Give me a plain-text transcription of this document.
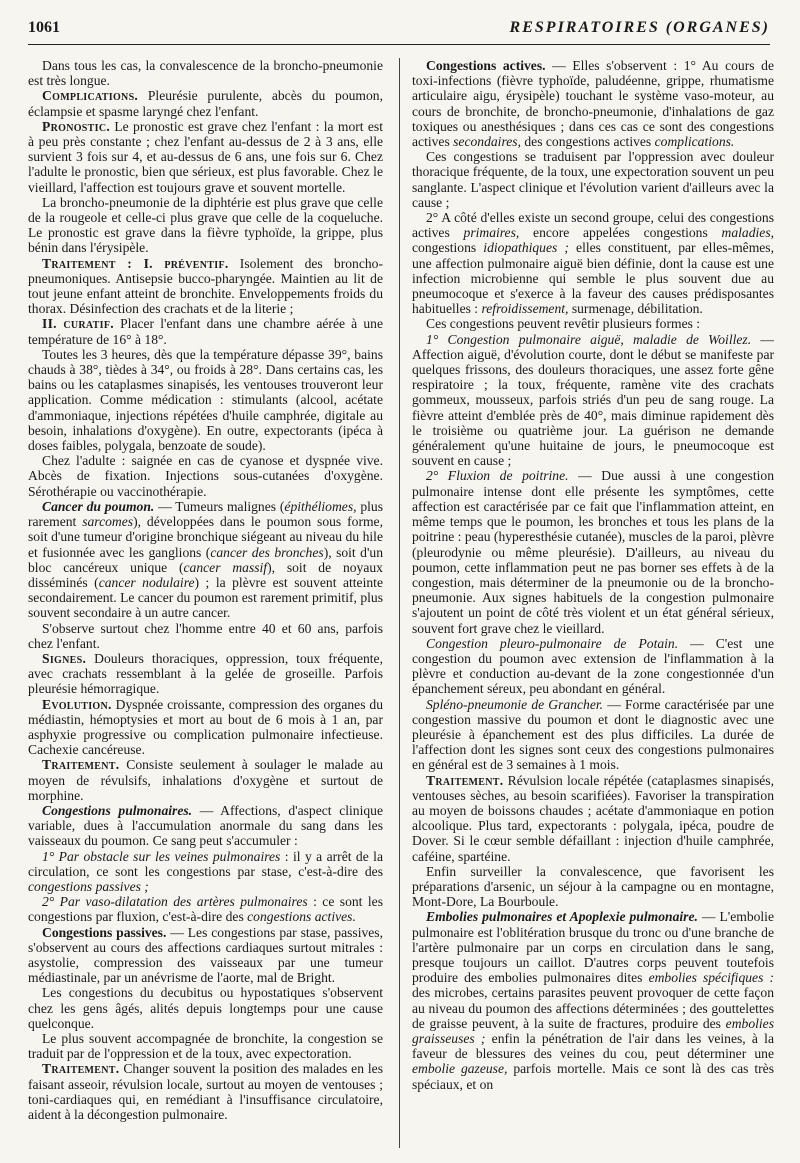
1061	RESPIRATOIRES (ORGANES)

Dans tous les cas, la convalescence de la broncho-pneumonie est très longue.

Complications. Pleurésie purulente, abcès du poumon, éclampsie et spasme laryngé chez l'enfant.

Pronostic. Le pronostic est grave chez l'enfant : la mort est à peu près constante ; chez l'enfant au-dessus de 2 à 3 ans, elle survient 3 fois sur 4, et au-dessus de 6 ans, une fois sur 6. Chez l'adulte le pronostic, bien que sérieux, est plus favorable. Chez le vieillard, l'affection est toujours grave et souvent mortelle.

La broncho-pneumonie de la diphtérie est plus grave que celle de la rougeole et celle-ci plus grave que celle de la coqueluche. Le pronostic est grave dans la fièvre typhoïde, la grippe, plus bénin dans l'érysipèle.

Traitement : I. préventif. Isolement des broncho-pneumoniques. Antisepsie bucco-pharyngée. Maintien au lit de tout jeune enfant atteint de bronchite. Enveloppements froids du thorax. Désinfection des crachats et de la literie ;

II. curatif. Placer l'enfant dans une chambre aérée à une température de 16° à 18°.

Toutes les 3 heures, dès que la température dépasse 39°, bains chauds à 38°, tièdes à 34°, ou froids à 28°. Dans certains cas, les bains ou les cataplasmes sinapisés, les ventouses trouveront leur application. Comme médication : stimulants (alcool, acétate d'ammoniaque, injections répétées d'huile camphrée, digitale au besoin, inhalations d'oxygène). En outre, expectorants (ipéca à doses faibles, polygala, benzoate de soude).

Chez l'adulte : saignée en cas de cyanose et dyspnée vive. Abcès de fixation. Injections sous-cutanées d'oxygène. Sérothérapie ou vaccinothérapie.

Cancer du poumon. — Tumeurs malignes (épithéliomes, plus rarement sarcomes), développées dans le poumon sous forme, soit d'une tumeur d'origine bronchique siégeant au niveau du hile et fusionnée avec les ganglions (cancer des bronches), soit d'un bloc cancéreux unique (cancer massif), soit de noyaux disséminés (cancer nodulaire) ; la plèvre est souvent atteinte secondairement. Le cancer du poumon est rarement primitif, plus souvent secondaire à un autre cancer.

S'observe surtout chez l'homme entre 40 et 60 ans, parfois chez l'enfant.

Signes. Douleurs thoraciques, oppression, toux fréquente, avec crachats ressemblant à la gelée de groseille. Parfois pleurésie hémorragique.

Evolution. Dyspnée croissante, compression des organes du médiastin, hémoptysies et mort au bout de 6 mois à 1 an, par asphyxie progressive ou complication pulmonaire infectieuse. Cachexie cancéreuse.

Traitement. Consiste seulement à soulager le malade au moyen de révulsifs, inhalations d'oxygène et surtout de morphine.

Congestions pulmonaires. — Affections, d'aspect clinique variable, dues à l'accumulation anormale du sang dans les vaisseaux du poumon. Ce sang peut s'accumuler :

1° Par obstacle sur les veines pulmonaires : il y a arrêt de la circulation, ce sont les congestions par stase, c'est-à-dire des congestions passives ;

2° Par vaso-dilatation des artères pulmonaires : ce sont les congestions par fluxion, c'est-à-dire des congestions actives.

Congestions passives. — Les congestions par stase, passives, s'observent au cours des affections cardiaques surtout mitrales : asystolie, compression des vaisseaux par une tumeur médiastinale, par un anévrisme de l'aorte, mal de Bright.

Les congestions du decubitus ou hypostatiques s'observent chez les gens âgés, alités depuis longtemps pour une cause quelconque.

Le plus souvent accompagnée de bronchite, la congestion se traduit par de l'oppression et de la toux, avec expectoration.

Traitement. Changer souvent la position des malades en les faisant asseoir, révulsion locale, surtout au moyen de ventouses ; toni-cardiaques qui, en remédiant à l'insuffisance circulatoire, aident à la décongestion pulmonaire.

Congestions actives. — Elles s'observent : 1° Au cours de toxi-infections (fièvre typhoïde, paludéenne, grippe, rhumatisme articulaire aigu, érysipèle) touchant le système vaso-moteur, au cours de bronchite, de broncho-pneumonie, d'inhalations de gaz toxiques ou anesthésiques ; dans ces cas ce sont des congestions actives secondaires, des congestions actives complications.

Ces congestions se traduisent par l'oppression avec douleur thoracique fréquente, de la toux, une expectoration souvent un peu sanglante. L'aspect clinique et l'évolution varient d'ailleurs avec la cause ;

2° A côté d'elles existe un second groupe, celui des congestions actives primaires, encore appelées congestions maladies, congestions idiopathiques ; elles constituent, par elles-mêmes, une affection pulmonaire aiguë bien définie, dont la cause est une infection microbienne qui semble le plus souvent due au pneumocoque et s'exerce à la faveur des causes prédisposantes habituelles : refroidissement, surmenage, débilitation.

Ces congestions peuvent revêtir plusieurs formes :

1° Congestion pulmonaire aiguë, maladie de Woillez. — Affection aiguë, d'évolution courte, dont le début se manifeste par quelques frissons, des douleurs thoraciques, une assez forte gêne respiratoire ; la toux, fréquente, ramène vite des crachats gommeux, mousseux, parfois striés d'un peu de sang rouge. La fièvre atteint d'emblée près de 40°, mais diminue rapidement dès le troisième ou quatrième jour. La guérison ne demande généralement qu'une huitaine de jours, le pneumocoque est souvent en cause ;

2° Fluxion de poitrine. — Due aussi à une congestion pulmonaire intense dont elle présente les symptômes, cette affection est caractérisée par ce fait que l'inflammation atteint, en même temps que le poumon, les bronches et tous les plans de la poitrine : peau (hyperesthésie cutanée), muscles de la paroi, plèvre (pleurodynie ou même pleurésie). D'ailleurs, au niveau du poumon, cette inflammation peut ne pas borner ses effets à de la congestion, mais déterminer de la pneumonie ou de la broncho-pneumonie. Aux signes habituels de la congestion pulmonaire s'ajoutent un point de côté très violent et un état général sérieux, souvent fort grave chez le vieillard.

Congestion pleuro-pulmonaire de Potain. — C'est une congestion du poumon avec extension de l'inflammation à la plèvre et conduction au-devant de la zone congestionnée d'un épanchement séreux, peu abondant en général.

Spléno-pneumonie de Grancher. — Forme caractérisée par une congestion massive du poumon et dont le diagnostic avec une pleurésie à épanchement est des plus difficiles. La durée de l'affection dont les signes sont ceux des congestions pulmonaires en général est de 3 semaines à 1 mois.

Traitement. Révulsion locale répétée (cataplasmes sinapisés, ventouses sèches, au besoin scarifiées). Favoriser la transpiration au moyen de boissons chaudes ; acétate d'ammoniaque en potion alcoolique. Plus tard, expectorants : polygala, ipéca, poudre de Dover. Si le cœur semble défaillant : injection d'huile camphrée, caféine, spartéine.

Enfin surveiller la convalescence, que favorisent les préparations d'arsenic, un séjour à la campagne ou en montagne, Mont-Dore, La Bourboule.

Embolies pulmonaires et Apoplexie pulmonaire. — L'embolie pulmonaire est l'oblitération brusque du tronc ou d'une branche de l'artère pulmonaire par un corps en circulation dans le sang, presque toujours un caillot. D'autres corps peuvent toutefois produire des embolies pulmonaires dites embolies spécifiques : des microbes, certains parasites peuvent provoquer de cette façon au niveau du poumon des affections déterminées ; des gouttelettes de graisse peuvent, à la suite de fractures, produire des embolies graisseuses ; enfin la pénétration de l'air dans les veines, à la faveur de blessures des veines du cou, peut déterminer une embolie gazeuse, parfois mortelle. Mais ce sont là des cas très spéciaux, et on
